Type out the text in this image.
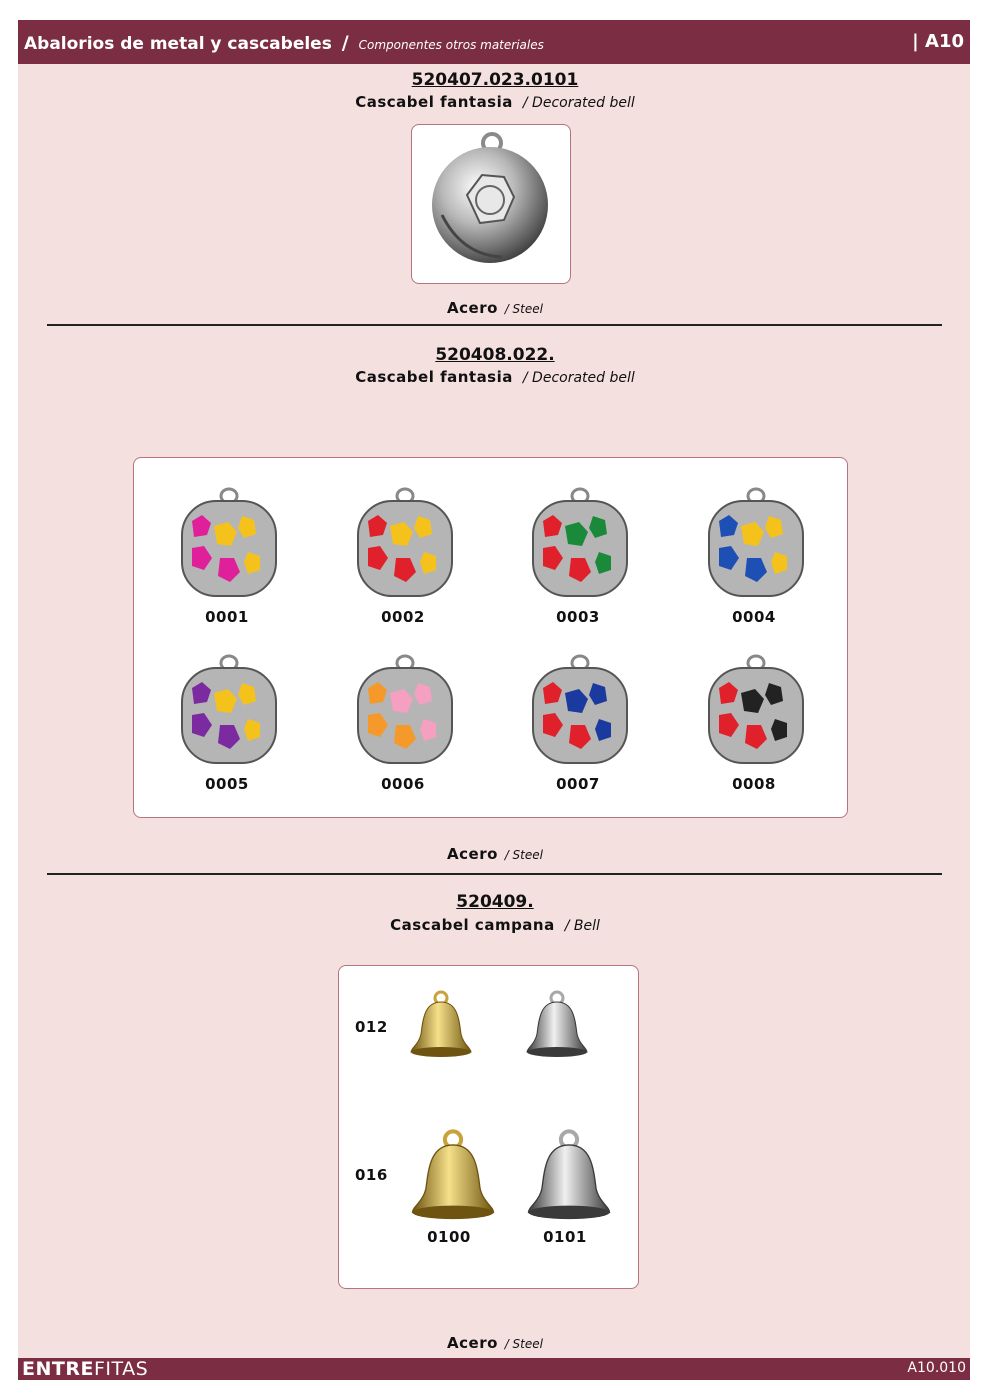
Abalorios de metal y cascabeles / Componentes otros materiales	| A10
520407.023.0101
Cascabel fantasia / Decorated bell
Acero / Steel
520408.022.
Cascabel fantasia / Decorated bell
0001	0002	0003	0004
0005	0006	0007	0008
Acero / Steel
520409.
Cascabel campana / Bell
012
016
0100	0101
Acero / Steel
ENTREFITAS	A10.010
